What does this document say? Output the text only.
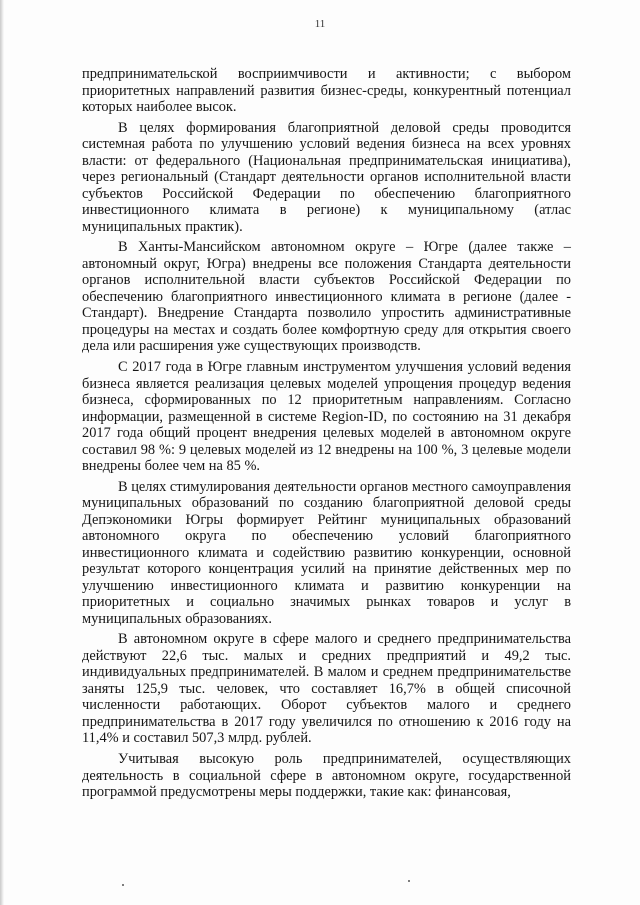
11

предпринимательской восприимчивости и активности; с выбором приоритетных направлений развития бизнес-среды, конкурентный потенциал которых наиболее высок.

В целях формирования благоприятной деловой среды проводится системная работа по улучшению условий ведения бизнеса на всех уровнях власти: от федерального (Национальная предпринимательская инициатива), через региональный (Стандарт деятельности органов исполнительной власти субъектов Российской Федерации по обеспечению благоприятного инвестиционного климата в регионе) к муниципальному (атлас муниципальных практик).

В Ханты-Мансийском автономном округе – Югре (далее также – автономный округ, Югра) внедрены все положения Стандарта деятельности органов исполнительной власти субъектов Российской Федерации по обеспечению благоприятного инвестиционного климата в регионе (далее - Стандарт). Внедрение Стандарта позволило упростить административные процедуры на местах и создать более комфортную среду для открытия своего дела или расширения уже существующих производств.

С 2017 года в Югре главным инструментом улучшения условий ведения бизнеса является реализация целевых моделей упрощения процедур ведения бизнеса, сформированных по 12 приоритетным направлениям. Согласно информации, размещенной в системе Region-ID, по состоянию на 31 декабря 2017 года общий процент внедрения целевых моделей в автономном округе составил 98 %: 9 целевых моделей из 12 внедрены на 100 %, 3 целевые модели внедрены более чем на 85 %.

В целях стимулирования деятельности органов местного самоуправления муниципальных образований по созданию благоприятной деловой среды Депэкономики Югры формирует Рейтинг муниципальных образований автономного округа по обеспечению условий благоприятного инвестиционного климата и содействию развитию конкуренции, основной результат которого концентрация усилий на принятие действенных мер по улучшению инвестиционного климата и развитию конкуренции на приоритетных и социально значимых рынках товаров и услуг в муниципальных образованиях.

В автономном округе в сфере малого и среднего предпринимательства действуют 22,6 тыс. малых и средних предприятий и 49,2 тыс. индивидуальных предпринимателей. В малом и среднем предпринимательстве заняты 125,9 тыс. человек, что составляет 16,7% в общей списочной численности работающих. Оборот субъектов малого и среднего предпринимательства в 2017 году увеличился по отношению к 2016 году на 11,4% и составил 507,3 млрд. рублей.

Учитывая высокую роль предпринимателей, осуществляющих деятельность в социальной сфере в автономном округе, государственной программой предусмотрены меры поддержки, такие как: финансовая,
